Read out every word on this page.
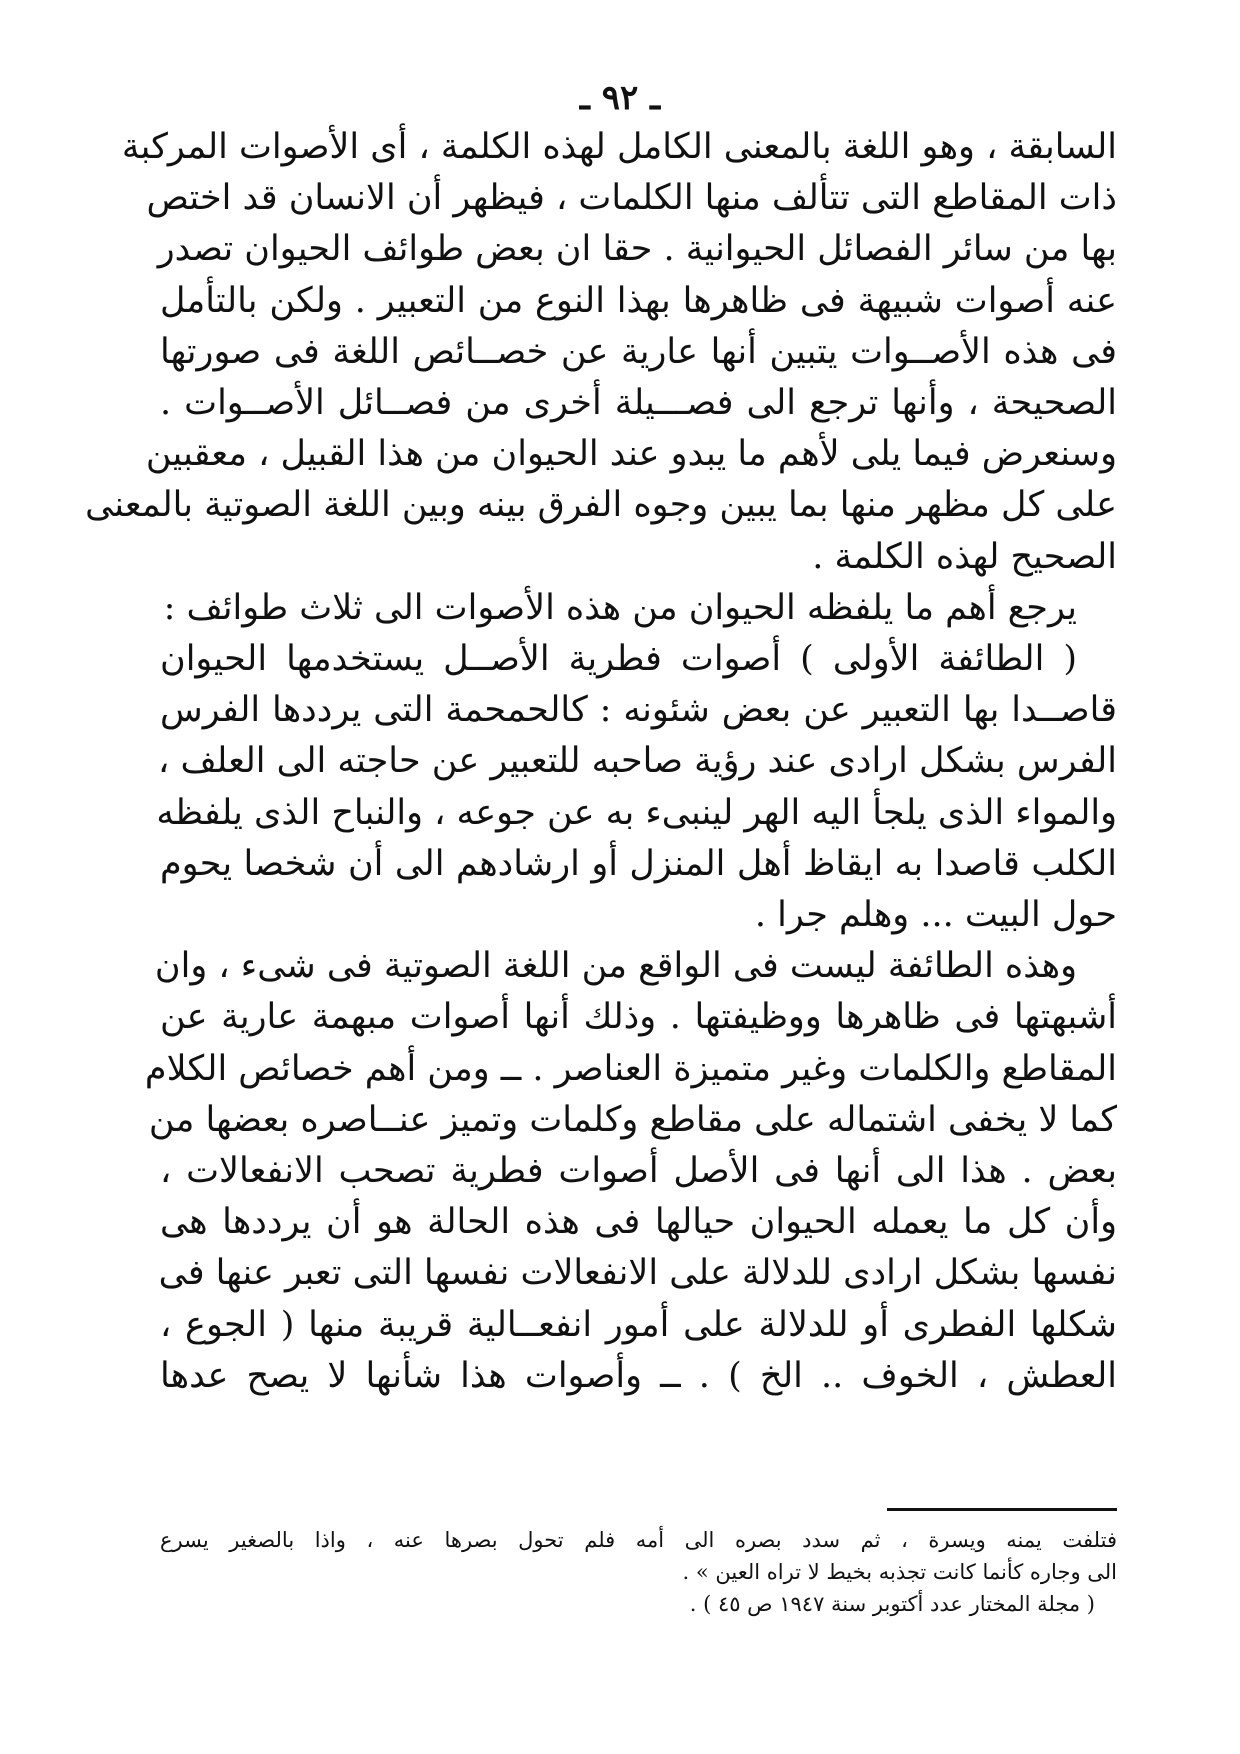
ـ ۹۲ ـ

السابقة ، وهو اللغة بالمعنى الكامل لهذه الكلمة ، أى الأصوات المركبة
ذات المقاطع التى تتألف منها الكلمات ، فيظهر أن الانسان قد اختص
بها من سائر الفصائل الحيوانية . حقا ان بعض طوائف الحيوان تصدر
عنه أصوات شبيهة فى ظاهرها بهذا النوع من التعبير . ولكن بالتأمل
فى هذه الأصــوات يتبين أنها عارية عن خصــائص اللغة فى صورتها
الصحيحة ، وأنها ترجع الى فصـــيلة أخرى من فصــائل الأصــوات .
وسنعرض فيما يلى لأهم ما يبدو عند الحيوان من هذا القبيل ، معقبين
على كل مظهر منها بما يبين وجوه الفرق بينه وبين اللغة الصوتية بالمعنى
الصحيح لهذه الكلمة .

يرجع أهم ما يلفظه الحيوان من هذه الأصوات الى ثلاث طوائف :

( الطائفة الأولى ) أصوات فطرية الأصــل يستخدمها الحيوان
قاصــدا بها التعبير عن بعض شئونه : كالحمحمة التى يرددها الفرس
الفرس بشكل ارادى عند رؤية صاحبه للتعبير عن حاجته الى العلف ،
والمواء الذى يلجأ اليه الهر لينبىء به عن جوعه ، والنباح الذى يلفظه
الكلب قاصدا به ايقاظ أهل المنزل أو ارشادهم الى أن شخصا يحوم
حول البيت ... وهلم جرا .

وهذه الطائفة ليست فى الواقع من اللغة الصوتية فى شىء ، وان
أشبهتها فى ظاهرها ووظيفتها . وذلك أنها أصوات مبهمة عارية عن
المقاطع والكلمات وغير متميزة العناصر . ــ ومن أهم خصائص الكلام
كما لا يخفى اشتماله على مقاطع وكلمات وتميز عنــاصره بعضها من
بعض . هذا الى أنها فى الأصل أصوات فطرية تصحب الانفعالات ،
وأن كل ما يعمله الحيوان حيالها فى هذه الحالة هو أن يرددها هى
نفسها بشكل ارادى للدلالة على الانفعالات نفسها التى تعبر عنها فى
شكلها الفطرى أو للدلالة على أمور انفعــالية قريبة منها ( الجوع ،
العطش ، الخوف .. الخ ) . ــ وأصوات هذا شأنها لا يصح عدها

فتلفت يمنه ويسرة ، ثم سدد بصره الى أمه فلم تحول بصرها عنه ، واذا بالصغير يسرع
الى وجاره كأنما كانت تجذبه بخيط لا تراه العين » .
( مجلة المختار عدد أكتوبر سنة ۱۹٤۷ ص ٤٥ ) .
